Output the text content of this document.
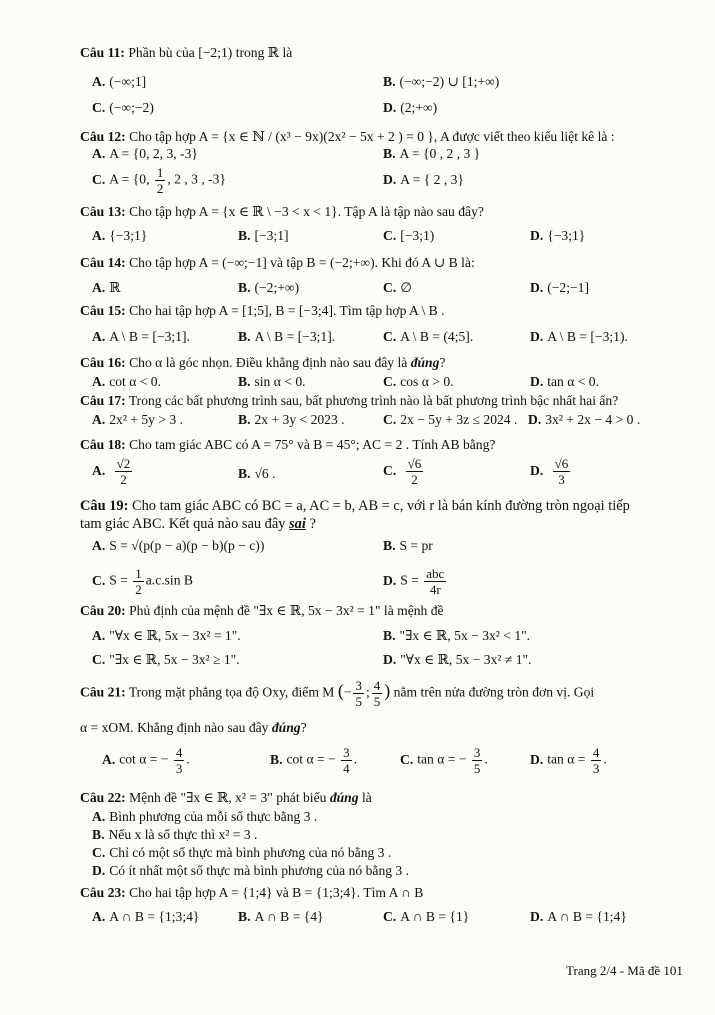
Câu 11: Phần bù của [−2;1) trong ℝ là
A. (−∞;1]	B. (−∞;−2) ∪ [1;+∞)
C. (−∞;−2)	D. (2;+∞)
Câu 12: Cho tập hợp A = {x ∈ ℕ / (x³ − 9x)(2x² − 5x + 2 ) = 0 }, A được viết theo kiểu liệt kê là :
A. A = {0, 2, 3, -3}	B. A = {0 , 2 , 3 }
C. A = {0, $\frac{1}{2}$ , 2 , 3 , -3}	D. A = { 2 , 3}
Câu 13: Cho tập hợp A = {x ∈ ℝ \ −3 < x < 1}. Tập A là tập nào sau đây?
A. {−3;1}	B. [−3;1]	C. [−3;1)	D. {−3;1}
Câu 14: Cho tập hợp A = (−∞;−1] và tập B = (−2;+∞). Khi đó A ∪ B là:
A. ℝ	B. (−2;+∞)	C. ∅	D. (−2;−1]
Câu 15: Cho hai tập hợp A = [1;5], B = [−3;4]. Tìm tập hợp A \ B .
A. A \ B = [−3;1].	B. A \ B = [−3;1].	C. A \ B = (4;5].	D. A \ B = [−3;1).
Câu 16: Cho α là góc nhọn. Điều khẳng định nào sau đây là đúng?
A. cot α < 0.	B. sin α < 0.	C. cos α > 0.	D. tan α < 0.
Câu 17: Trong các bất phương trình sau, bất phương trình nào là bất phương trình bậc nhất hai ẩn?
A. 2x² + 5y > 3 .	B. 2x + 3y < 2023 .	C. 2x − 5y + 3z ≤ 2024 . D. 3x² + 2x − 4 > 0 .
Câu 18: Cho tam giác ABC có A = 75° và B = 45°; AC = 2 . Tính AB bằng?
A. $\frac{√2}{2}$	B. √6 .	C. $\frac{√6}{2}$	D. $\frac{√6}{3}$
Câu 19: Cho tam giác ABC có BC = a, AC = b, AB = c, với r là bán kính đường tròn ngoại tiếp
tam giác ABC. Kết quả nào sau đây sai ?
A. S = √(p(p − a)(p − b)(p − c))	B. S = pr
C. $S = \frac{1}{2} a.c.\sin$ B	D. $S = \frac{\text{abc}}{4r}$
Câu 20: Phủ định của mệnh đề "∃x ∈ ℝ, 5x − 3x² = 1" là mệnh đề
A. "∀x ∈ ℝ, 5x − 3x² = 1".	B. "∃x ∈ ℝ, 5x − 3x² < 1".
C. "∃x ∈ ℝ, 5x − 3x² ≥ 1".	D. "∀x ∈ ℝ, 5x − 3x² ≠ 1".
Câu 21: Trong mặt phẳng tọa độ Oxy, điểm M (− $\frac{3}{5}$ ; $\frac{4}{5}$ ) nằm trên nửa đường tròn đơn vị. Gọi
α = xOM. Khẳng định nào sau đây đúng?
A. cot α = − $\frac{4}{3}$ .	B. cot α = − $\frac{3}{4}$ .	C. tan α = − $\frac{3}{5}$ .	D. $\tan \alpha = \frac{4}{3}$ .
Câu 22: Mệnh đề "∃x ∈ ℝ, x² = 3" phát biểu đúng là
A. Bình phương của mỗi số thực bằng 3 .
B. Nếu x là số thực thì x² = 3 .
C. Chỉ có một số thực mà bình phương của nó bằng 3 .
D. Có ít nhất một số thực mà bình phương của nó bằng 3 .
Câu 23: Cho hai tập hợp A = {1;4} và B = {1;3;4}. Tìm A ∩ B
A. A ∩ B = {1;3;4}	B. A ∩ B = {4}	C. A ∩ B = {1}	D. A ∩ B = {1;4}
Trang 2/4 - Mã đề 101
